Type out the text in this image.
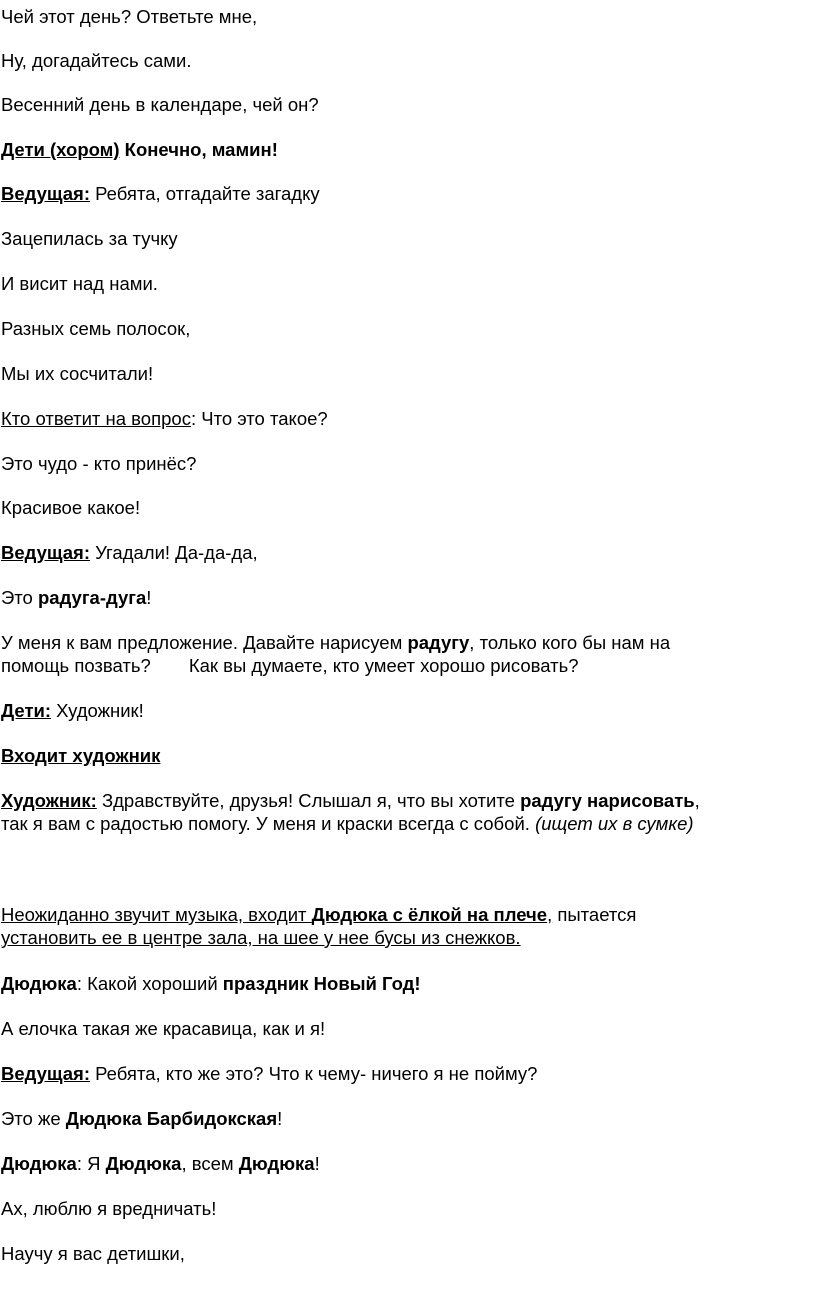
Чей этот день? Ответьте мне,
Ну, догадайтесь сами.
Весенний день в календаре, чей он?
Дети (хором) Конечно, мамин!
Ведущая: Ребята, отгадайте загадку
Зацепилась за тучку
И висит над нами.
Разных семь полосок,
Мы их сосчитали!
Кто ответит на вопрос: Что это такое?
Это чудо - кто принёс?
Красивое какое!
Ведущая: Угадали! Да-да-да,
Это радуга-дуга!
У меня к вам предложение. Давайте нарисуем радугу, только кого бы нам на
помощь позвать? Как вы думаете, кто умеет хорошо рисовать?
Дети: Художник!
Входит художник
Художник: Здравствуйте, друзья! Слышал я, что вы хотите радугу нарисовать,
так я вам с радостью помогу. У меня и краски всегда с собой. (ищет их в сумке)
Неожиданно звучит музыка, входит Дюдюка с ёлкой на плече, пытается
установить ее в центре зала, на шее у нее бусы из снежков.
Дюдюка: Какой хороший праздник Новый Год!
А елочка такая же красавица, как и я!
Ведущая: Ребята, кто же это? Что к чему- ничего я не пойму?
Это же Дюдюка Барбидокская!
Дюдюка: Я Дюдюка, всем Дюдюка!
Ах, люблю я вредничать!
Научу я вас детишки,
